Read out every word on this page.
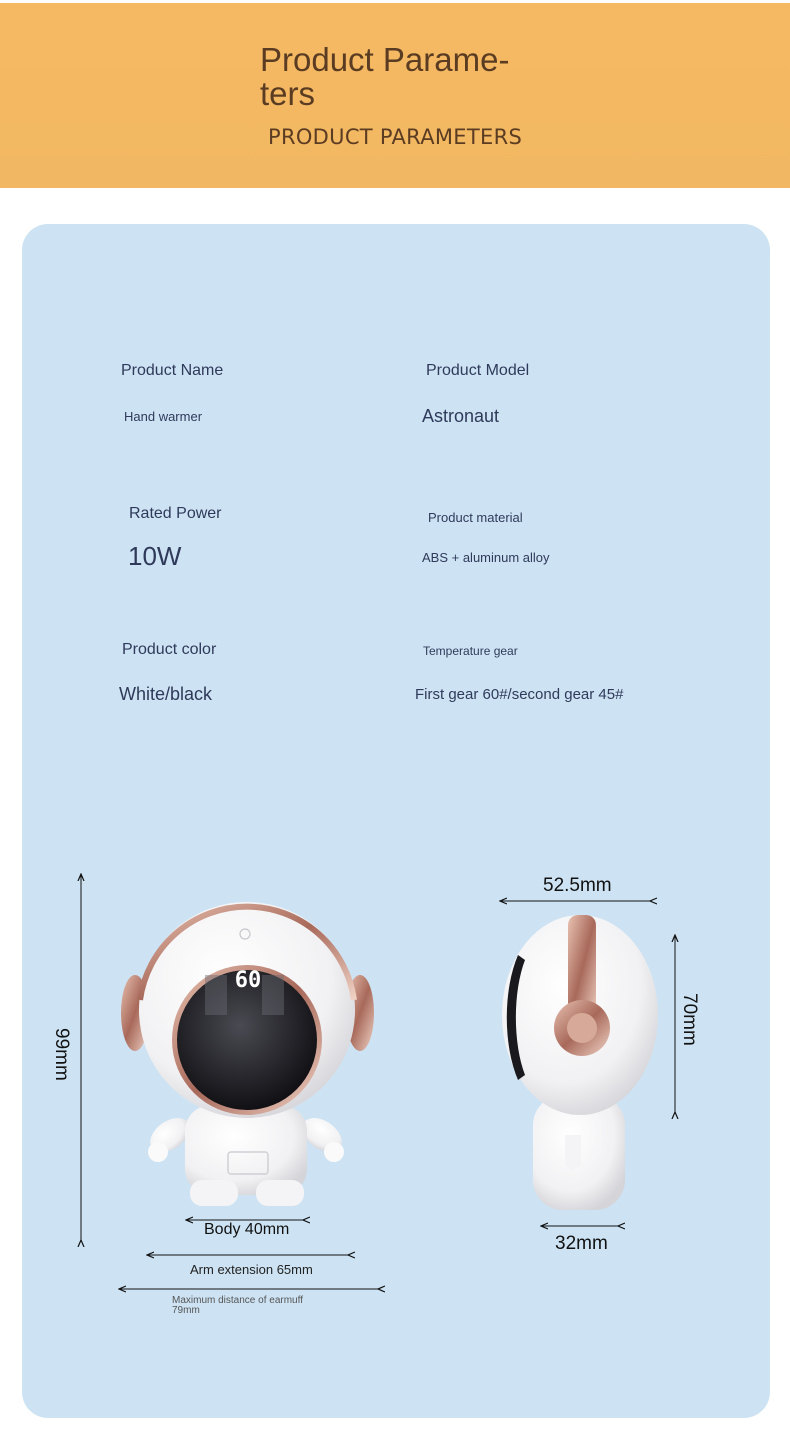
Product Parame-
ters
PRODUCT PARAMETERS
Product Name
Hand warmer
Product Model
Astronaut
Rated Power
10W
Product material
ABS + aluminum alloy
Product color
White/black
Temperature gear
First gear 60#/second gear 45#
60
99mm
Body 40mm
Arm extension 65mm
Maximum distance of earmuff
79mm
52.5mm
70mm
32mm
